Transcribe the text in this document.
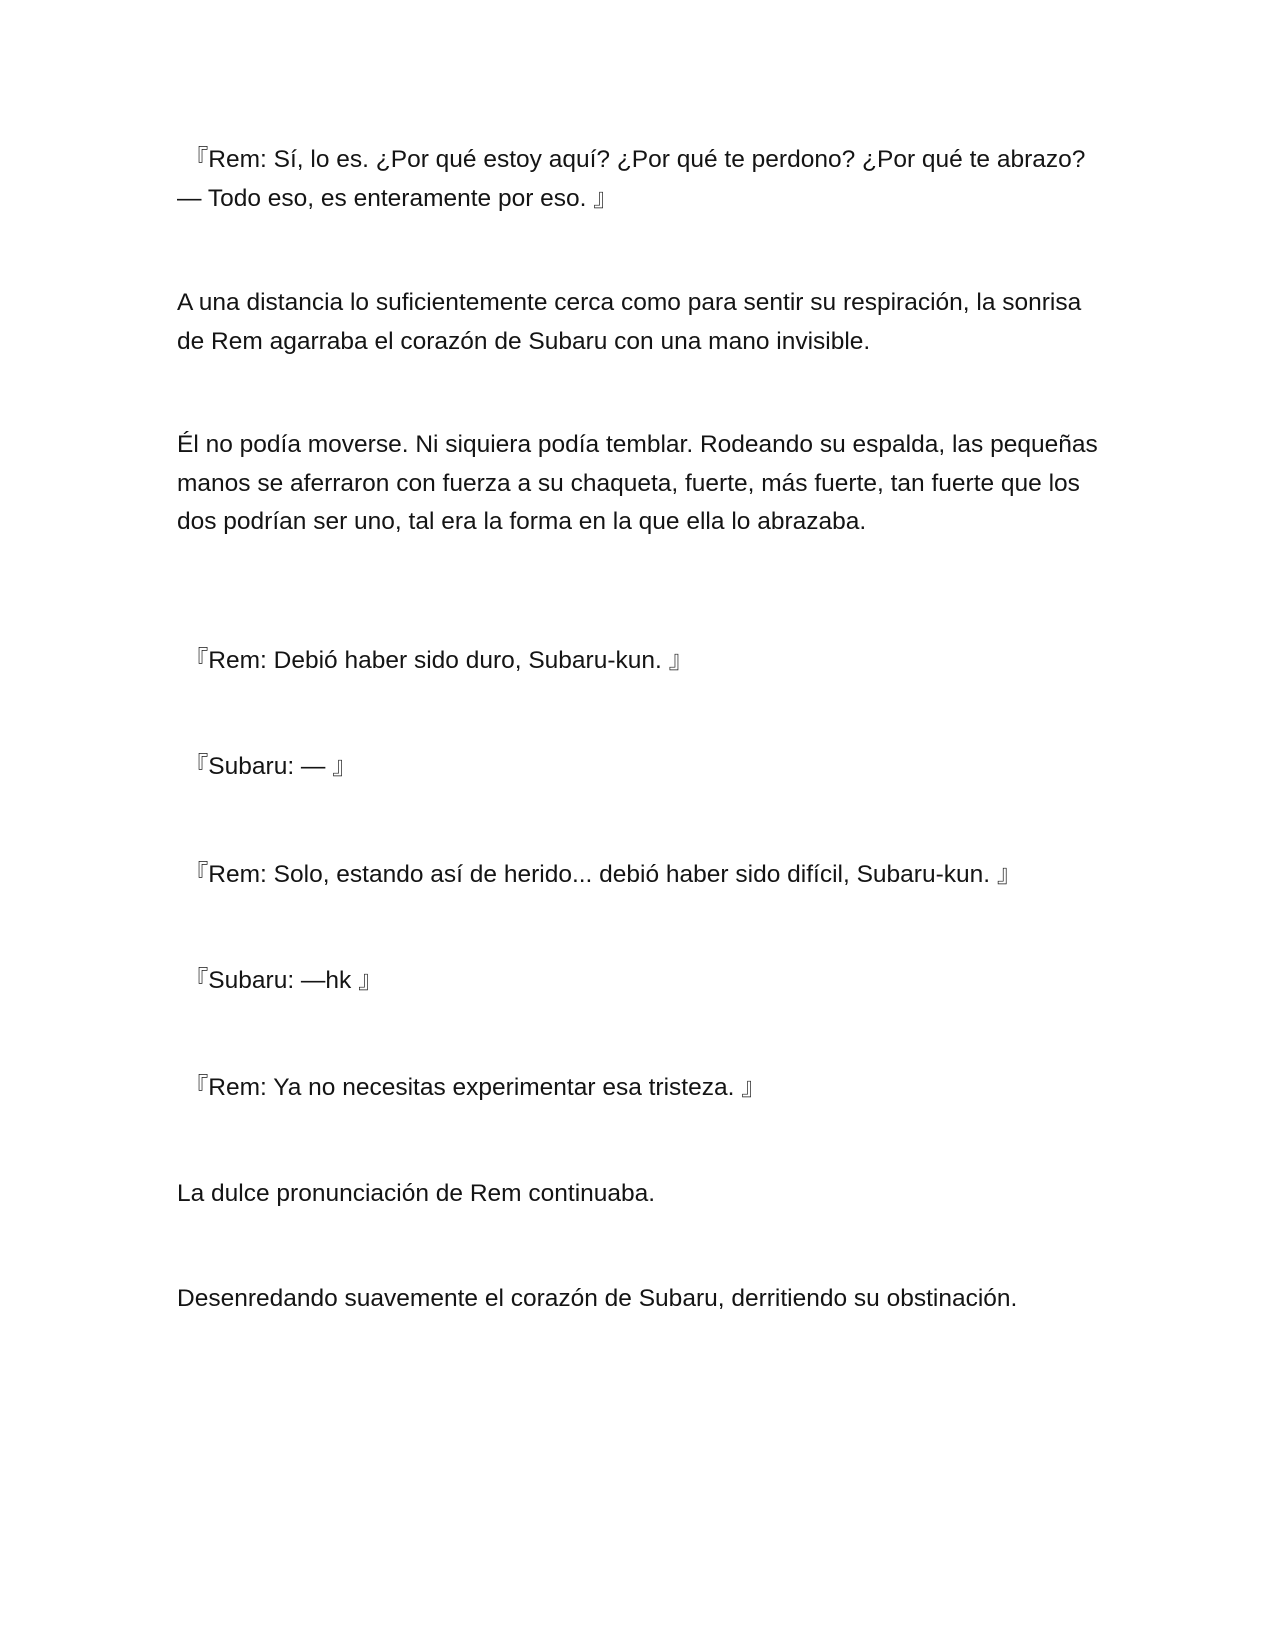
『Rem: Sí, lo es. ¿Por qué estoy aquí? ¿Por qué te perdono? ¿Por qué te abrazo? — Todo eso, es enteramente por eso. 』

A una distancia lo suficientemente cerca como para sentir su respiración, la sonrisa de Rem agarraba el corazón de Subaru con una mano invisible.

Él no podía moverse. Ni siquiera podía temblar. Rodeando su espalda, las pequeñas manos se aferraron con fuerza a su chaqueta, fuerte, más fuerte, tan fuerte que los dos podrían ser uno, tal era la forma en la que ella lo abrazaba.

『Rem: Debió haber sido duro, Subaru-kun. 』

『Subaru: — 』

『Rem: Solo, estando así de herido... debió haber sido difícil, Subaru-kun. 』

『Subaru: —hk 』

『Rem: Ya no necesitas experimentar esa tristeza. 』

La dulce pronunciación de Rem continuaba.

Desenredando suavemente el corazón de Subaru, derritiendo su obstinación.
